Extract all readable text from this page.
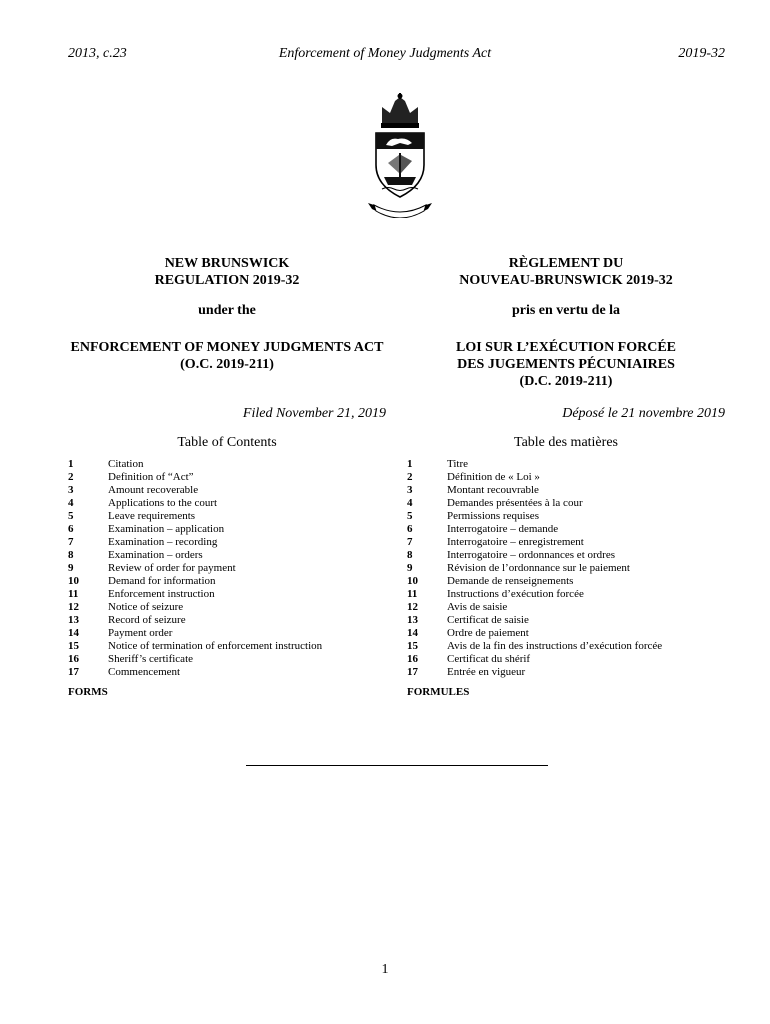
2013, c.23	Enforcement of Money Judgments Act	2019-32
NEW BRUNSWICK
REGULATION 2019-32
under the
ENFORCEMENT OF MONEY JUDGMENTS ACT
(O.C. 2019-211)
Filed November 21, 2019
Table of Contents
1	Citation
2	Definition of “Act”
3	Amount recoverable
4	Applications to the court
5	Leave requirements
6	Examination – application
7	Examination – recording
8	Examination – orders
9	Review of order for payment
10	Demand for information
11	Enforcement instruction
12	Notice of seizure
13	Record of seizure
14	Payment order
15	Notice of termination of enforcement instruction
16	Sheriff’s certificate
17	Commencement
FORMS
RÈGLEMENT DU
NOUVEAU-BRUNSWICK 2019-32
pris en vertu de la
LOI SUR L’EXÉCUTION FORCÉE
DES JUGEMENTS PÉCUNIAIRES
(D.C. 2019-211)
Déposé le 21 novembre 2019
Table des matières
1	Titre
2	Définition de « Loi »
3	Montant recouvrable
4	Demandes présentées à la cour
5	Permissions requises
6	Interrogatoire – demande
7	Interrogatoire – enregistrement
8	Interrogatoire – ordonnances et ordres
9	Révision de l’ordonnance sur le paiement
10	Demande de renseignements
11	Instructions d’exécution forcée
12	Avis de saisie
13	Certificat de saisie
14	Ordre de paiement
15	Avis de la fin des instructions d’exécution forcée
16	Certificat du shérif
17	Entrée en vigueur
FORMULES
1
